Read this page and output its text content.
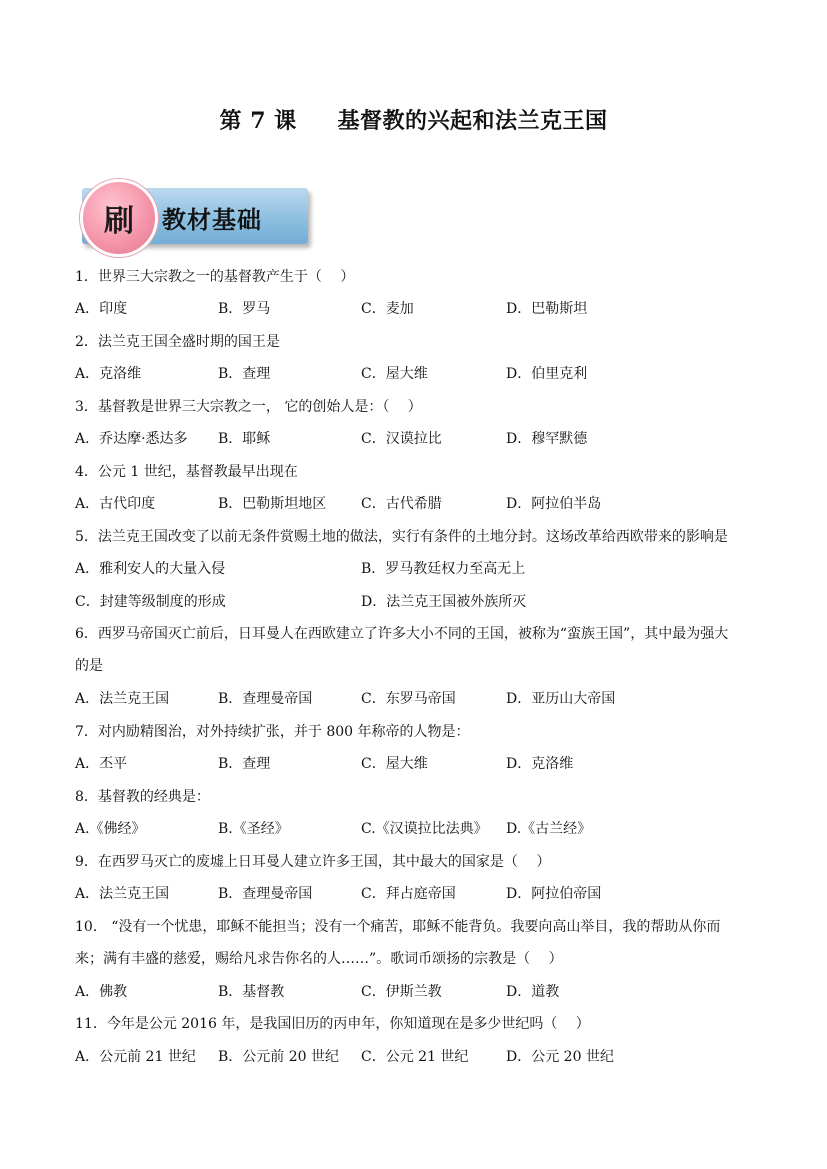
第 7 课     基督教的兴起和法兰克王国
教材基础
刷
1．世界三大宗教之一的基督教产生于（　 ）
A．印度	B．罗马	C．麦加	D．巴勒斯坦
2．法兰克王国全盛时期的国王是
A．克洛维	B．查理	C．屋大维	D．伯里克利
3．基督教是世界三大宗教之一， 它的创始人是：（　 ）
A．乔达摩·悉达多 B．耶稣	C．汉谟拉比	D．穆罕默德
4．公元 1 世纪，基督教最早出现在
A．古代印度	B．巴勒斯坦地区 C．古代希腊	D．阿拉伯半岛
5．法兰克王国改变了以前无条件赏赐土地的做法，实行有条件的土地分封。这场改革给西欧带来的影响是
A．雅利安人的大量入侵	B．罗马教廷权力至高无上
C．封建等级制度的形成	D．法兰克王国被外族所灭
6．西罗马帝国灭亡前后，日耳曼人在西欧建立了许多大小不同的王国，被称为“蛮族王国”，其中最为强大
的是
A．法兰克王国	B．查理曼帝国	C．东罗马帝国	D．亚历山大帝国
7．对内励精图治，对外持续扩张，并于 800 年称帝的人物是：
A．丕平	B．查理	C．屋大维	D．克洛维
8．基督教的经典是：
A.《佛经》	B.《圣经》	C.《汉谟拉比法典》 D.《古兰经》
9．在西罗马灭亡的废墟上日耳曼人建立许多王国，其中最大的国家是（　 ）
A．法兰克王国	B．查理曼帝国	C．拜占庭帝国	D．阿拉伯帝国
10． “没有一个忧患，耶稣不能担当；没有一个痛苦，耶稣不能背负。我要向高山举目，我的帮助从你而
来；满有丰盛的慈爱，赐给凡求告你名的人……”。歌词币颂扬的宗教是（　 ）
A．佛教	B．基督教	C．伊斯兰教	D．道教
11．今年是公元 2016 年，是我国旧历的丙申年，你知道现在是多少世纪吗（　 ）
A．公元前 21 世纪 B．公元前 20 世纪 C．公元 21 世纪	D．公元 20 世纪
